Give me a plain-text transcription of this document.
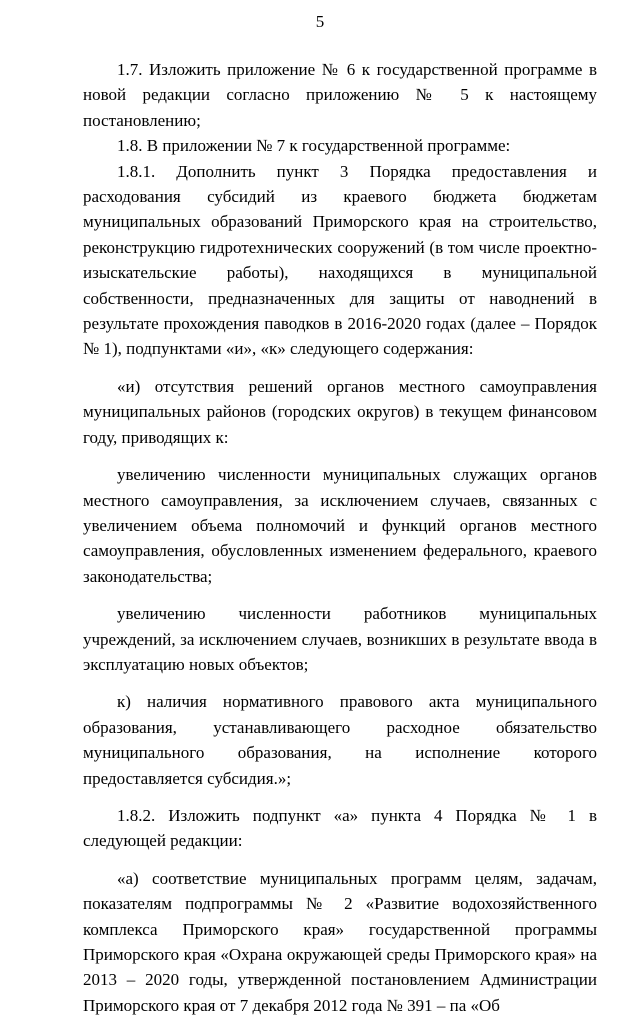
5

1.7. Изложить приложение № 6 к государственной программе в новой редакции согласно приложению № 5 к настоящему постановлению;

1.8. В приложении № 7 к государственной программе:

1.8.1. Дополнить пункт 3 Порядка предоставления и расходования субсидий из краевого бюджета бюджетам муниципальных образований Приморского края на строительство, реконструкцию гидротехнических сооружений (в том числе проектно-изыскательские работы), находящихся в муниципальной собственности, предназначенных для защиты от наводнений в результате прохождения паводков в 2016-2020 годах (далее – Порядок № 1), подпунктами «и», «к» следующего содержания:

«и) отсутствия решений органов местного самоуправления муниципальных районов (городских округов) в текущем финансовом году, приводящих к:

увеличению численности муниципальных служащих органов местного самоуправления, за исключением случаев, связанных с увеличением объема полномочий и функций органов местного самоуправления, обусловленных изменением федерального, краевого законодательства;

увеличению численности работников муниципальных учреждений, за исключением случаев, возникших в результате ввода в эксплуатацию новых объектов;

к) наличия нормативного правового акта муниципального образования, устанавливающего расходное обязательство муниципального образования, на исполнение которого предоставляется субсидия.»;

1.8.2. Изложить подпункт «а» пункта 4 Порядка № 1 в следующей редакции:

«а) соответствие муниципальных программ целям, задачам, показателям подпрограммы № 2 «Развитие водохозяйственного комплекса Приморского края» государственной программы Приморского края «Охрана окружающей среды Приморского края» на 2013 – 2020 годы, утвержденной постановлением Администрации Приморского края от 7 декабря 2012 года № 391 – па «Об
